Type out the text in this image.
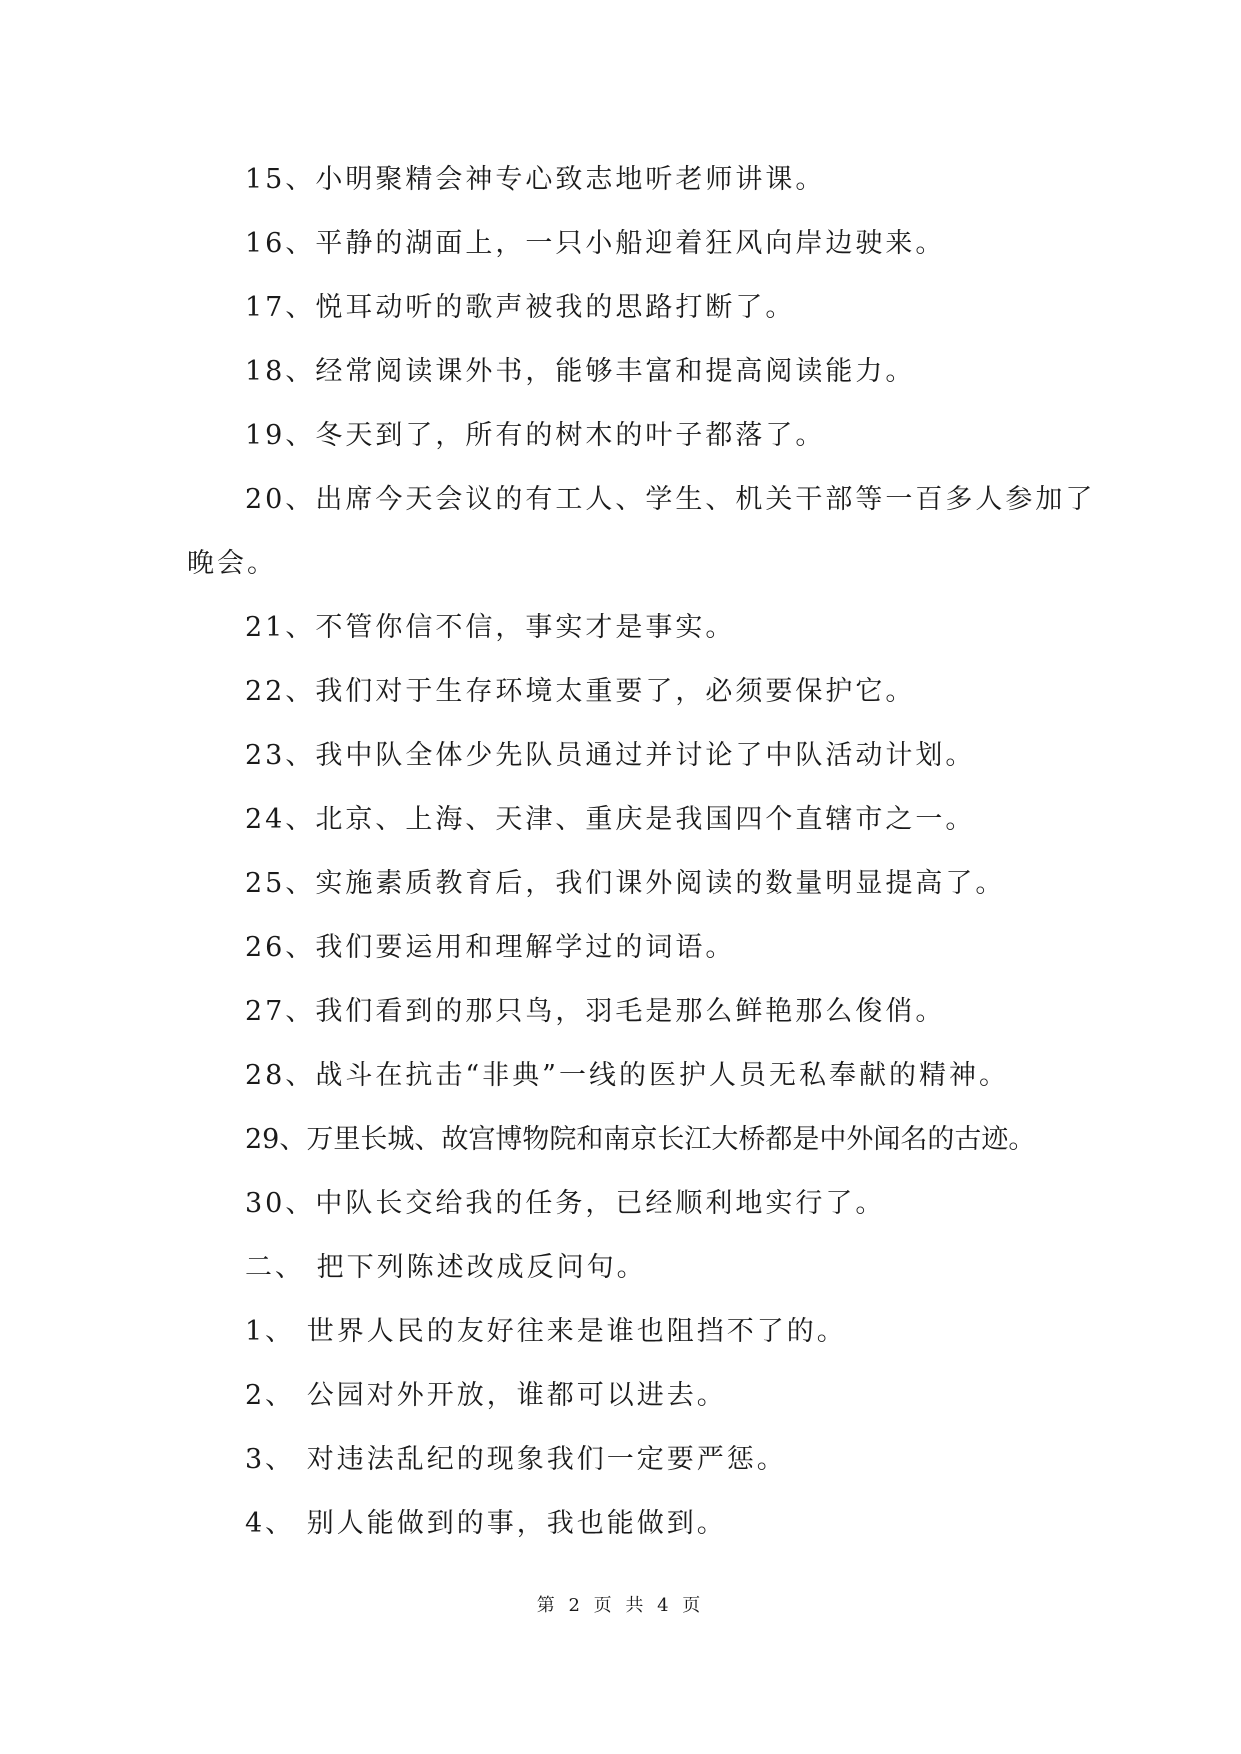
15、小明聚精会神专心致志地听老师讲课。
16、平静的湖面上，一只小船迎着狂风向岸边驶来。
17、悦耳动听的歌声被我的思路打断了。
18、经常阅读课外书，能够丰富和提高阅读能力。
19、冬天到了，所有的树木的叶子都落了。
20、出席今天会议的有工人、学生、机关干部等一百多人参加了
晚会。
21、不管你信不信，事实才是事实。
22、我们对于生存环境太重要了，必须要保护它。
23、我中队全体少先队员通过并讨论了中队活动计划。
24、北京、上海、天津、重庆是我国四个直辖市之一。
25、实施素质教育后，我们课外阅读的数量明显提高了。
26、我们要运用和理解学过的词语。
27、我们看到的那只鸟，羽毛是那么鲜艳那么俊俏。
28、战斗在抗击“非典”一线的医护人员无私奉献的精神。
29、万里长城、故宫博物院和南京长江大桥都是中外闻名的古迹。
30、中队长交给我的任务，已经顺利地实行了。
二、 把下列陈述改成反问句。
1、 世界人民的友好往来是谁也阻挡不了的。
2、 公园对外开放，谁都可以进去。
3、 对违法乱纪的现象我们一定要严惩。
4、 别人能做到的事，我也能做到。
第 2 页 共 4 页
